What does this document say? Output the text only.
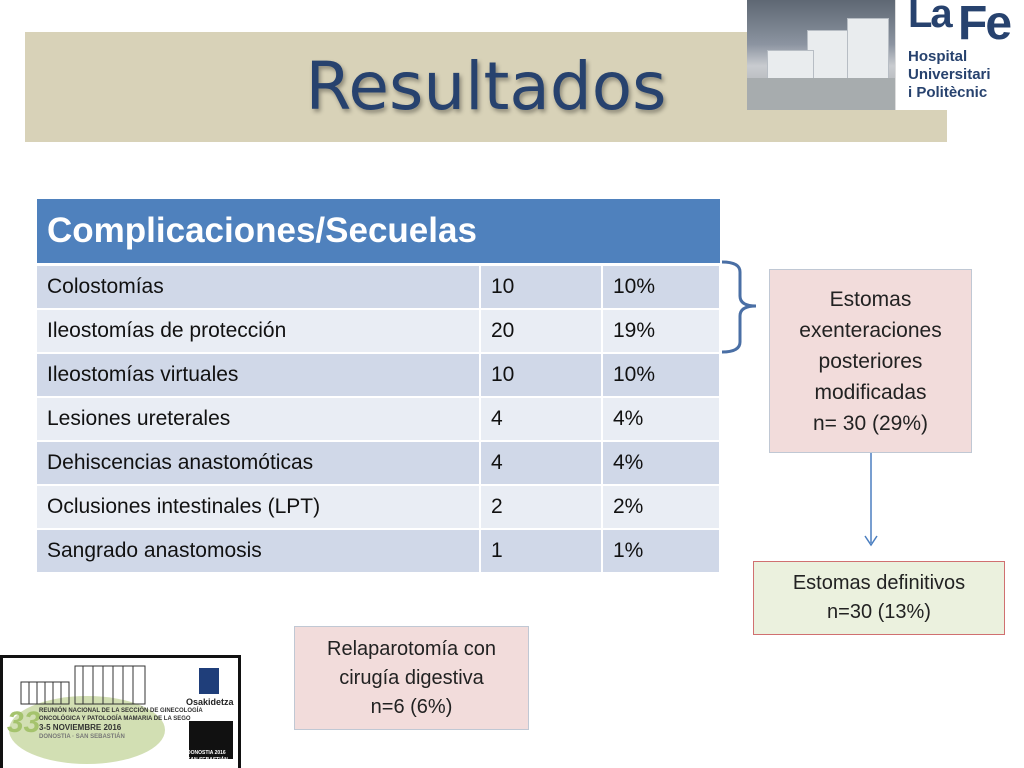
Resultados
La Fe
Hospital
Universitari
i Politècnic
Complicaciones/Secuelas		
Colostomías	10	10%
Ileostomías de protección	20	19%
Ileostomías virtuales	10	10%
Lesiones ureterales	4	4%
Dehiscencias anastomóticas	4	4%
Oclusiones intestinales (LPT)	2	2%
Sangrado anastomosis	1	1%
Estomas
exenteraciones
posteriores
modificadas
n= 30 (29%)
Estomas definitivos
n=30 (13%)
Relaparotomía con
cirugía digestiva
n=6 (6%)
33
REUNIÓN NACIONAL DE LA SECCIÓN DE GINECOLOGÍA
ONCOLÓGICA Y PATOLOGÍA MAMARIA DE LA SEGO
3-5 NOVIEMBRE 2016
DONOSTIA · SAN SEBASTIÁN
DONOSTIA 2016
SAN SEBASTIÁN
Osakidetza
